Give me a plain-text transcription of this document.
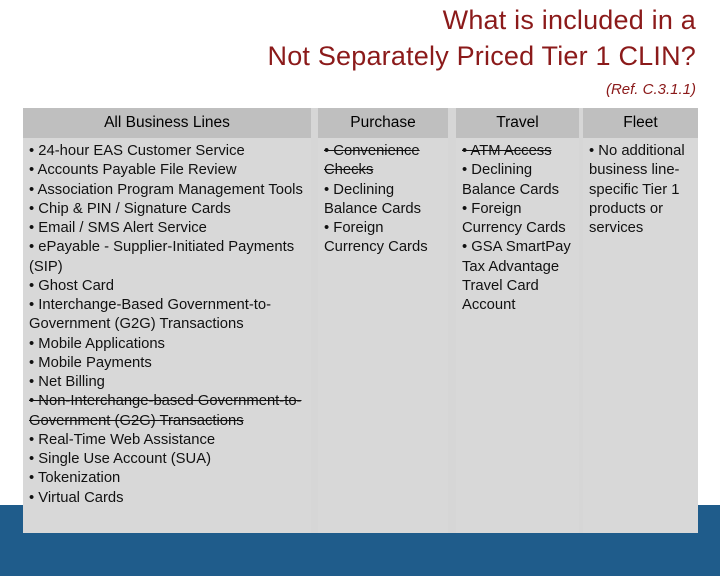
What is included in a
Not Separately Priced Tier 1 CLIN?
(Ref. C.3.1.1)
All Business Lines

• 24-hour EAS Customer Service

• Accounts Payable File Review

• Association Program Management Tools

• Chip & PIN / Signature Cards

• Email / SMS Alert Service

• ePayable - Supplier-Initiated Payments (SIP)

• Ghost Card

• Interchange-Based Government-to-Government (G2G) Transactions

• Mobile Applications

• Mobile Payments

• Net Billing

• Non-Interchange-based Government-to-Government (G2G) Transactions

• Real-Time Web Assistance

• Single Use Account (SUA)

• Tokenization

• Virtual Cards

Purchase

• Convenience Checks

• Declining Balance Cards

• Foreign Currency Cards

Travel

• ATM Access

• Declining Balance Cards

• Foreign Currency Cards

• GSA SmartPay Tax Advantage Travel Card Account

Fleet

• No additional business line-specific Tier 1 products or services
